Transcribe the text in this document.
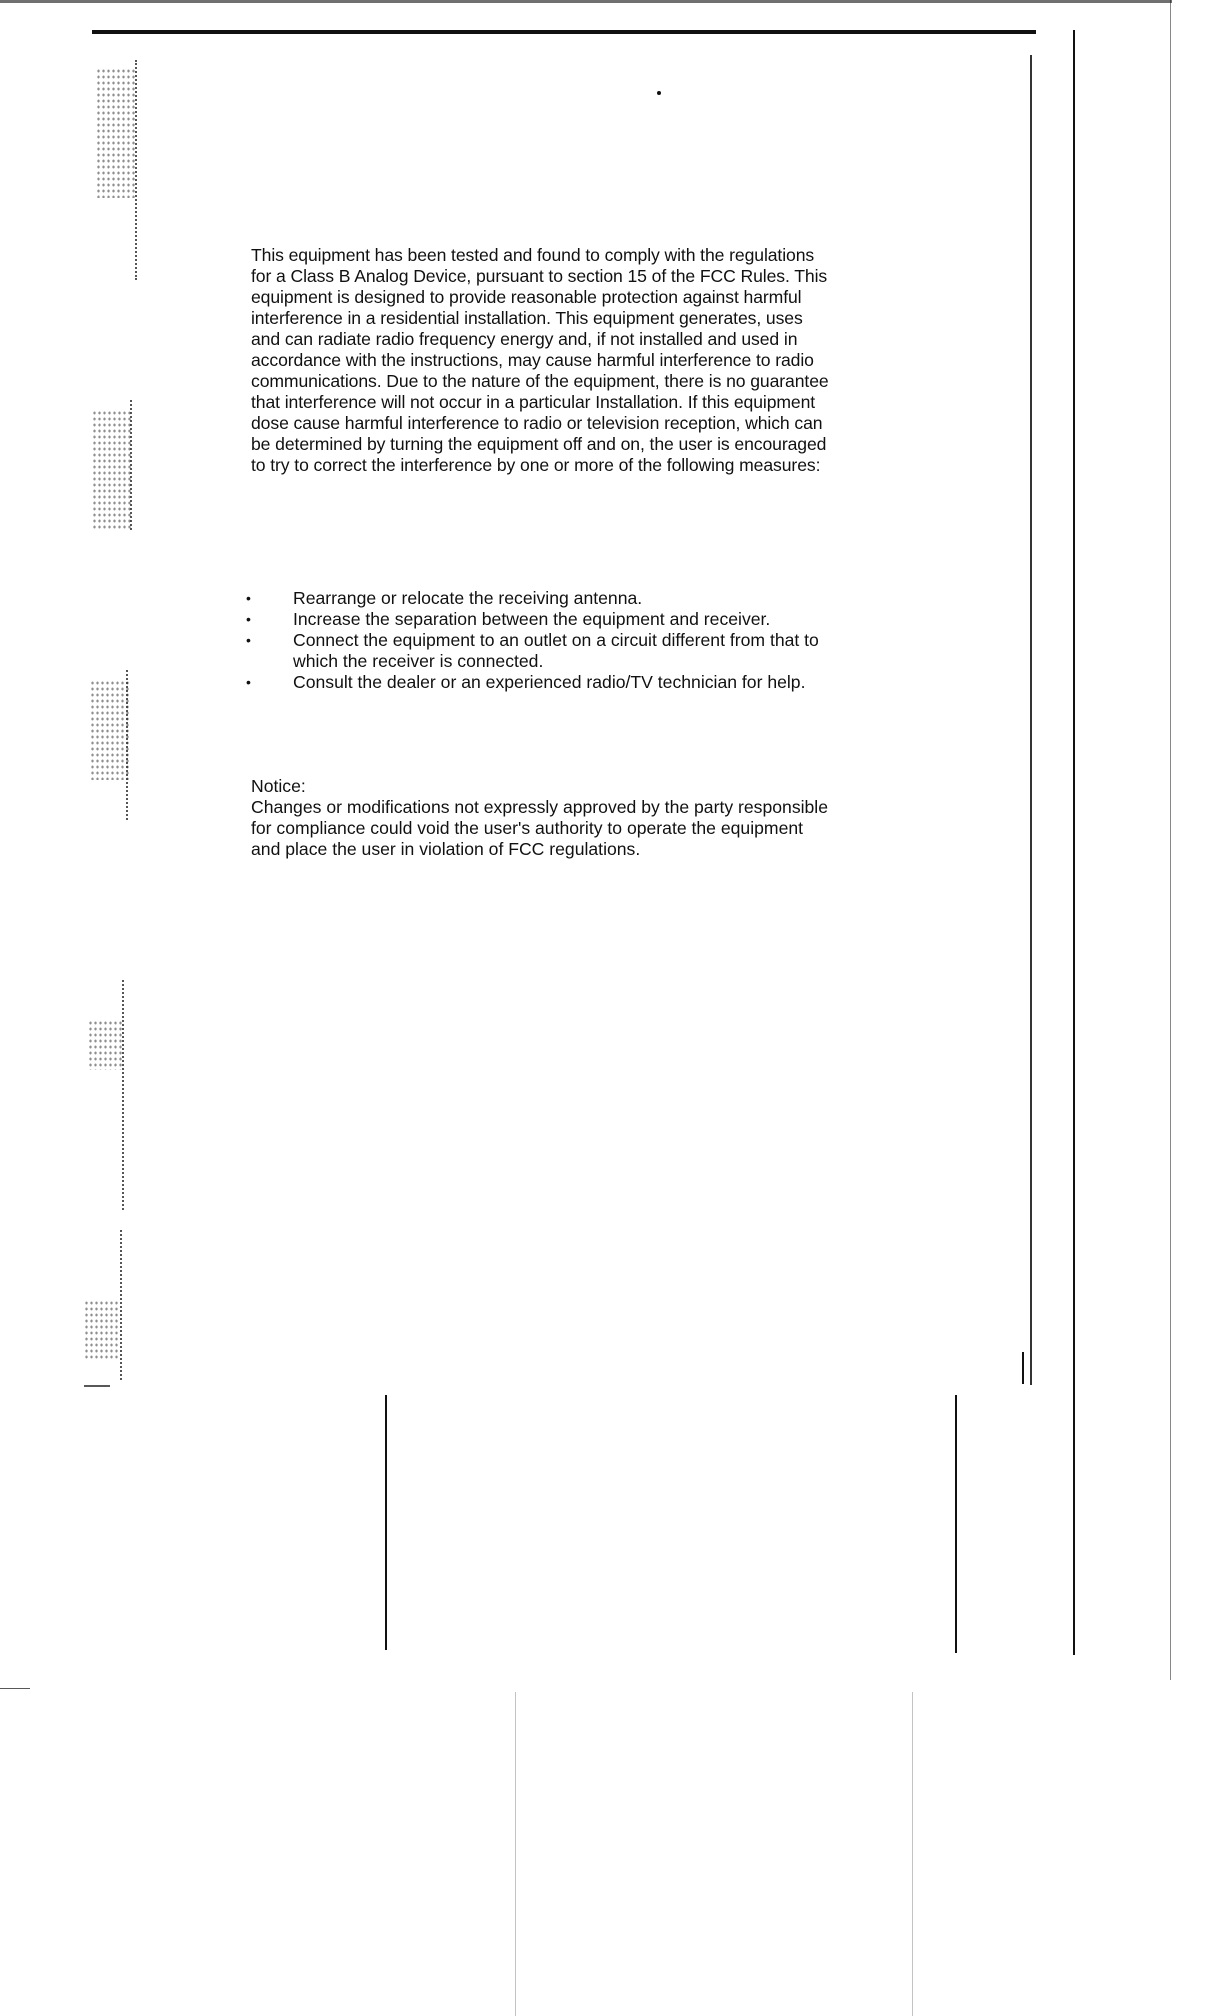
This equipment has been tested and found to comply with the regulations
for a Class B Analog Device, pursuant to section 15 of the FCC Rules. This
equipment is designed to provide reasonable protection against harmful
interference in a residential installation. This equipment generates, uses
and can radiate radio frequency energy and, if not installed and used in
accordance with the instructions, may cause harmful interference to radio
communications. Due to the nature of the equipment, there is no guarantee
that interference will not occur in a particular Installation. If this equipment
dose cause harmful interference to radio or television reception, which can
be determined by turning the equipment off and on, the user is encouraged
to try to correct the interference by one or more of the following measures:

• Rearrange or relocate the receiving antenna.
• Increase the separation between the equipment and receiver.
• Connect the equipment to an outlet on a circuit different from that to
which the receiver is connected.
• Consult the dealer or an experienced radio/TV technician for help.
Notice:
Changes or modifications not expressly approved by the party responsible
for compliance could void the user's authority to operate the equipment
and place the user in violation of FCC regulations.
